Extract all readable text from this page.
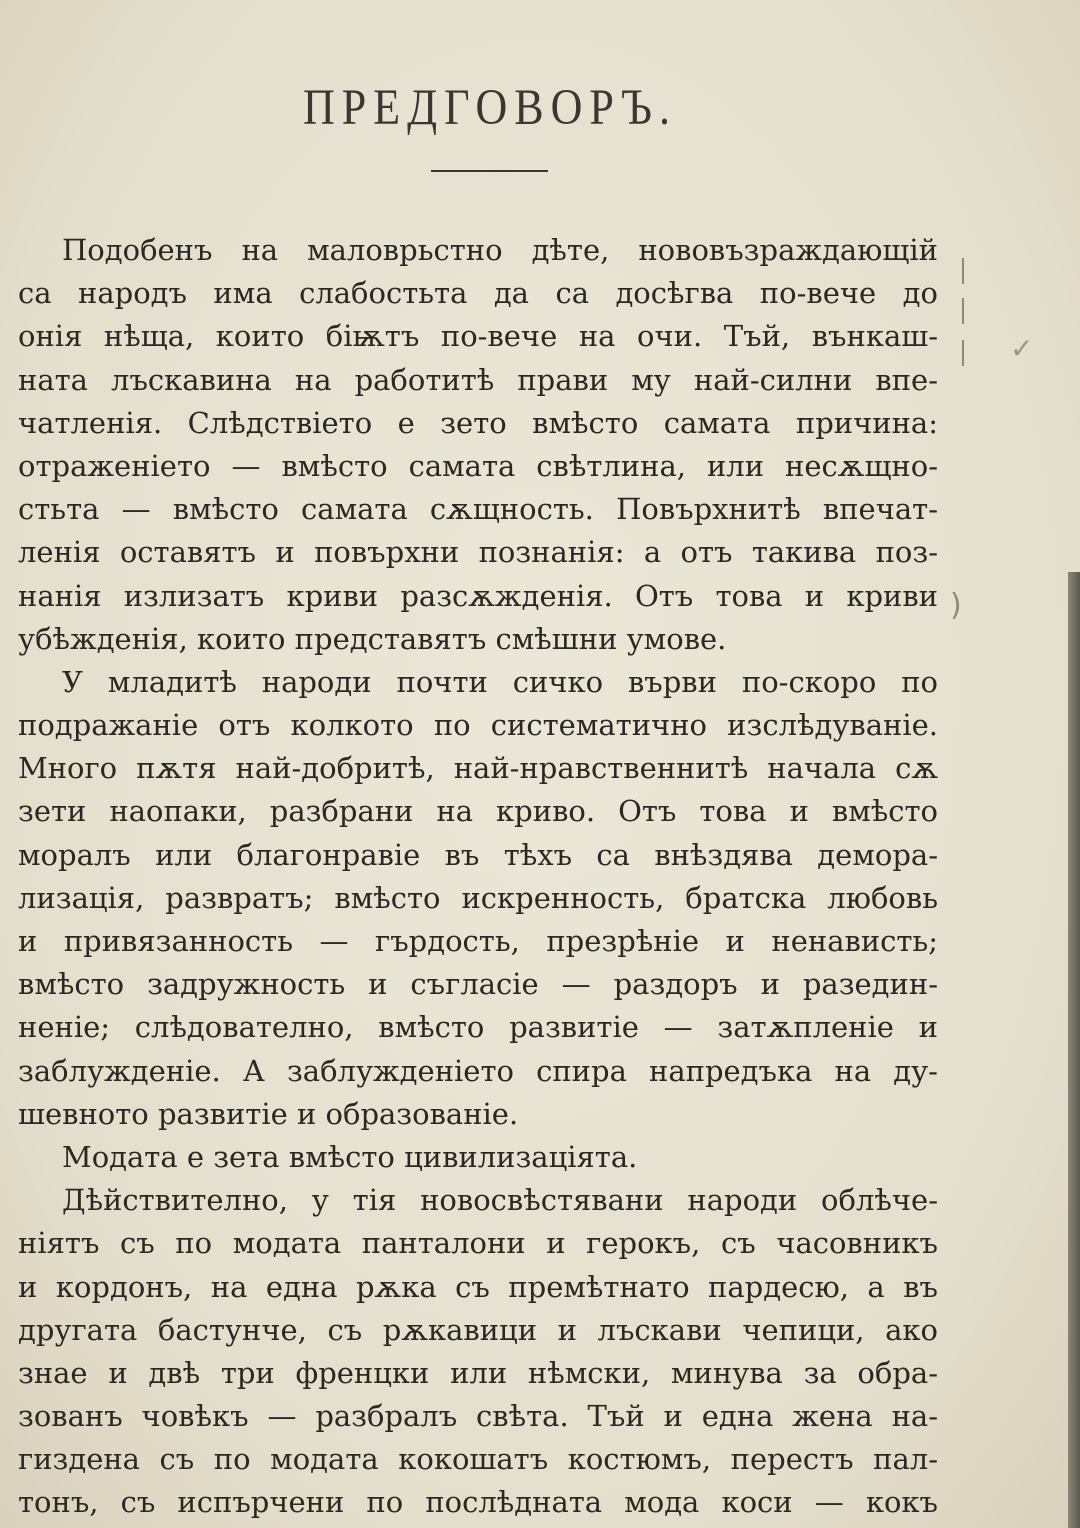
ПРЕДГОВОРЪ.
Подобенъ на маловрьстно дѣте, нововъзраждающій
са народъ има слабостьта да са досѣгва по-вече до
онія нѣща, които біѭтъ по-вече на очи. Тъй, вънкаш-
ната лъскавина на работитѣ прави му най-силни впе-
чатленія. Слѣдствіето е зето вмѣсто самата причина:
отраженіето — вмѣсто самата свѣтлина, или несѫщно-
стьта — вмѣсто самата сѫщность. Повърхнитѣ впечат-
ленія оставятъ и повърхни познанія: а отъ такива поз-
нанія излизатъ криви разсѫжденія. Отъ това и криви
убѣжденія, които представятъ смѣшни умове.
У младитѣ народи почти сичко върви по-скоро по
подражаніе отъ колкото по систематично изслѣдуваніе.
Много пѫтя най-добритѣ, най-нравственнитѣ начала сѫ
зети наопаки, разбрани на криво. Отъ това и вмѣсто
моралъ или благонравіе въ тѣхъ са внѣздява демора-
лизація, развратъ; вмѣсто искренность, братска любовь
и привязанность — гърдость, презрѣніе и ненависть;
вмѣсто задружность и съгласіе — раздоръ и разедин-
неніе; слѣдователно, вмѣсто развитіе — затѫпленіе и
заблужденіе. А заблужденіето спира напредъка на ду-
шевното развитіе и образованіе.
Модата е зета вмѣсто цивилизаціята.
Дѣйствително, у тія новосвѣстявани народи облѣче-
ніятъ съ по модата панталони и герокъ, съ часовникъ
и кордонъ, на една рѫка съ премѣтнато пардесю, а въ
другата бастунче, съ рѫкавици и лъскави чепици, ако
знае и двѣ три френцки или нѣмски, минува за обра-
зованъ човѣкъ — разбралъ свѣта. Тъй и една жена на-
гиздена съ по модата кокошатъ костюмъ, перестъ пал-
тонъ, съ испърчени по послѣдната мода коси — кокъ
✓
)
